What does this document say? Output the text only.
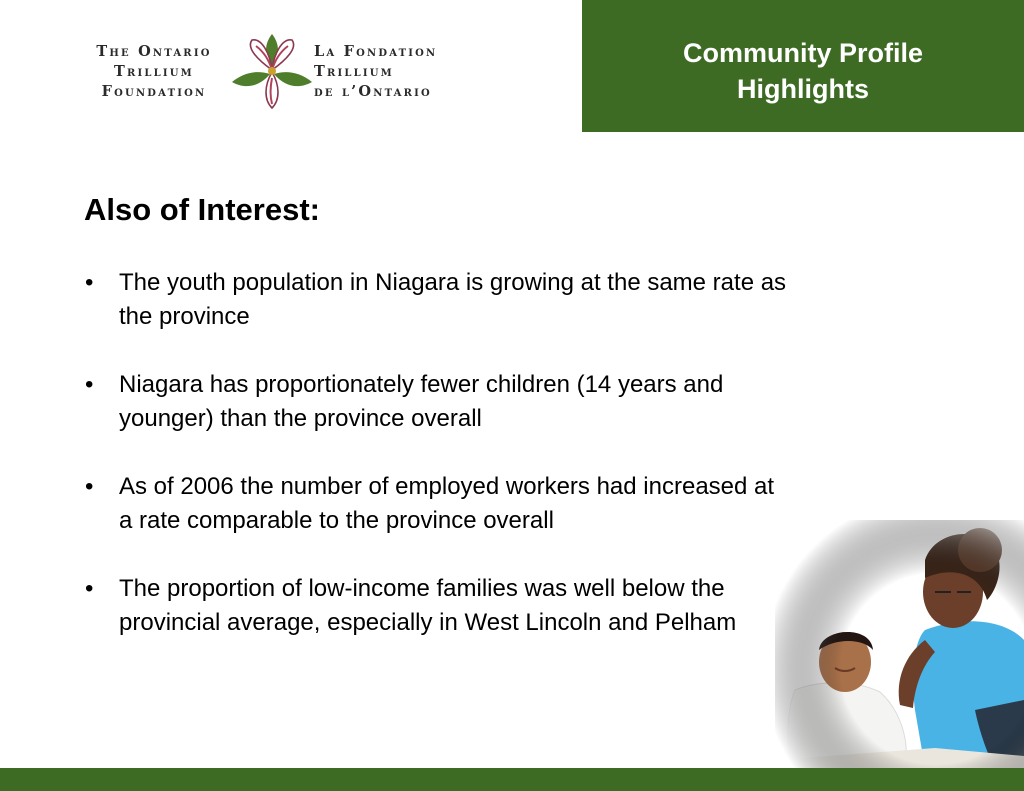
The Ontario
Trillium
Foundation
La Fondation
Trillium
de l’Ontario
Community Profile
Highlights
Also of Interest:
• The youth population in Niagara is growing at the same rate as the province
• Niagara has proportionately fewer children (14 years and younger) than the province overall
• As of 2006 the number of employed workers had increased at a rate comparable to the province overall
• The proportion of low-income families was well below the provincial average, especially in West Lincoln and Pelham
